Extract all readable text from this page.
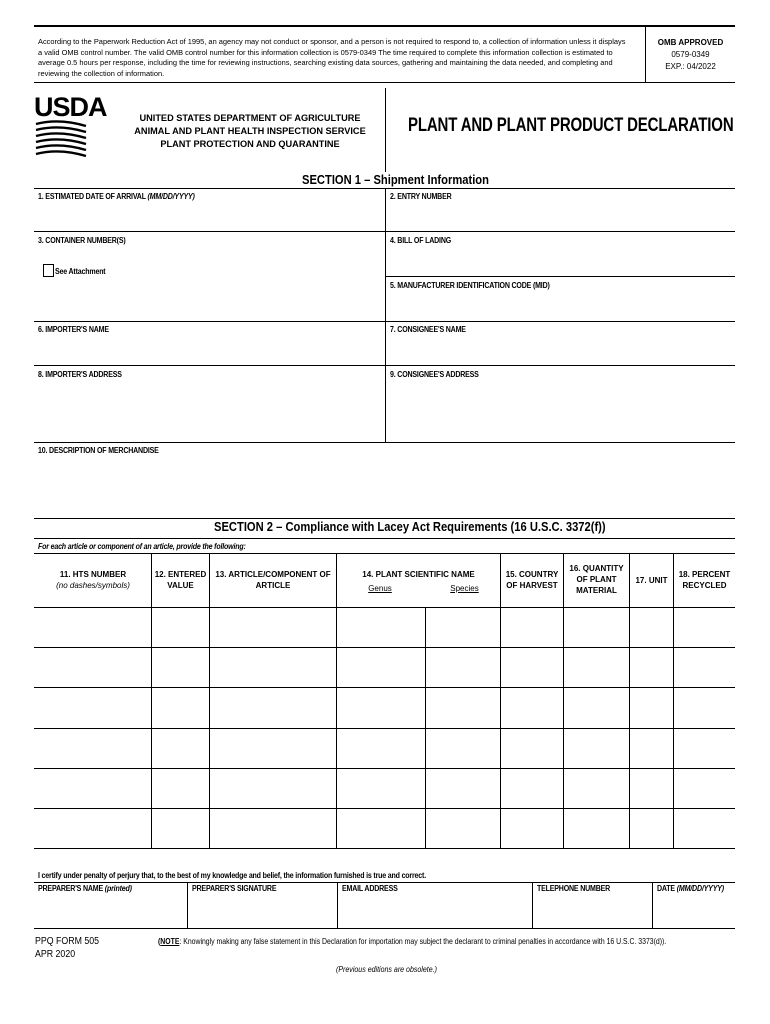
According to the Paperwork Reduction Act of 1995, an agency may not conduct or sponsor, and a person is not required to respond to, a collection of information unless it displays a valid OMB control number. The valid OMB control number for this information collection is 0579-0349 The time required to complete this information collection is estimated to average 0.5 hours per response, including the time for reviewing instructions, searching existing data sources, gathering and maintaining the data needed, and completing and reviewing the collection of information.
OMB APPROVED
0579-0349
EXP.: 04/2022
USDA	UNITED STATES DEPARTMENT OF AGRICULTURE
ANIMAL AND PLANT HEALTH INSPECTION SERVICE
PLANT PROTECTION AND QUARANTINE
PLANT AND PLANT PRODUCT DECLARATION
SECTION 1 – Shipment Information
1. ESTIMATED DATE OF ARRIVAL (MM/DD/YYYY)	2. ENTRY NUMBER
3. CONTAINER NUMBER(S)
See Attachment
4. BILL OF LADING
5. MANUFACTURER IDENTIFICATION CODE (MID)
6. IMPORTER'S NAME	7. CONSIGNEE'S NAME
8. IMPORTER'S ADDRESS	9. CONSIGNEE'S ADDRESS
10. DESCRIPTION OF MERCHANDISE
SECTION 2 – Compliance with Lacey Act Requirements (16 U.S.C. 3372(f))
For each article or component of an article, provide the following:
11. HTS NUMBER
(no dashes/symbols)
12. ENTERED
VALUE
13. ARTICLE/COMPONENT OF
ARTICLE
14. PLANT SCIENTIFIC NAME
Genus	Species
15. COUNTRY
OF HARVEST
16. QUANTITY
OF PLANT
MATERIAL
17. UNIT
18. PERCENT
RECYCLED
I certify under penalty of perjury that, to the best of my knowledge and belief, the information furnished is true and correct.
PREPARER'S NAME (printed)	PREPARER'S SIGNATURE	EMAIL ADDRESS	TELEPHONE NUMBER	DATE (MM/DD/YYYY)
PPQ FORM 505
APR 2020
(NOTE: Knowingly making any false statement in this Declaration for importation may subject the declarant to criminal penalties in accordance with 16 U.S.C. 3373(d)).
(Previous editions are obsolete.)
